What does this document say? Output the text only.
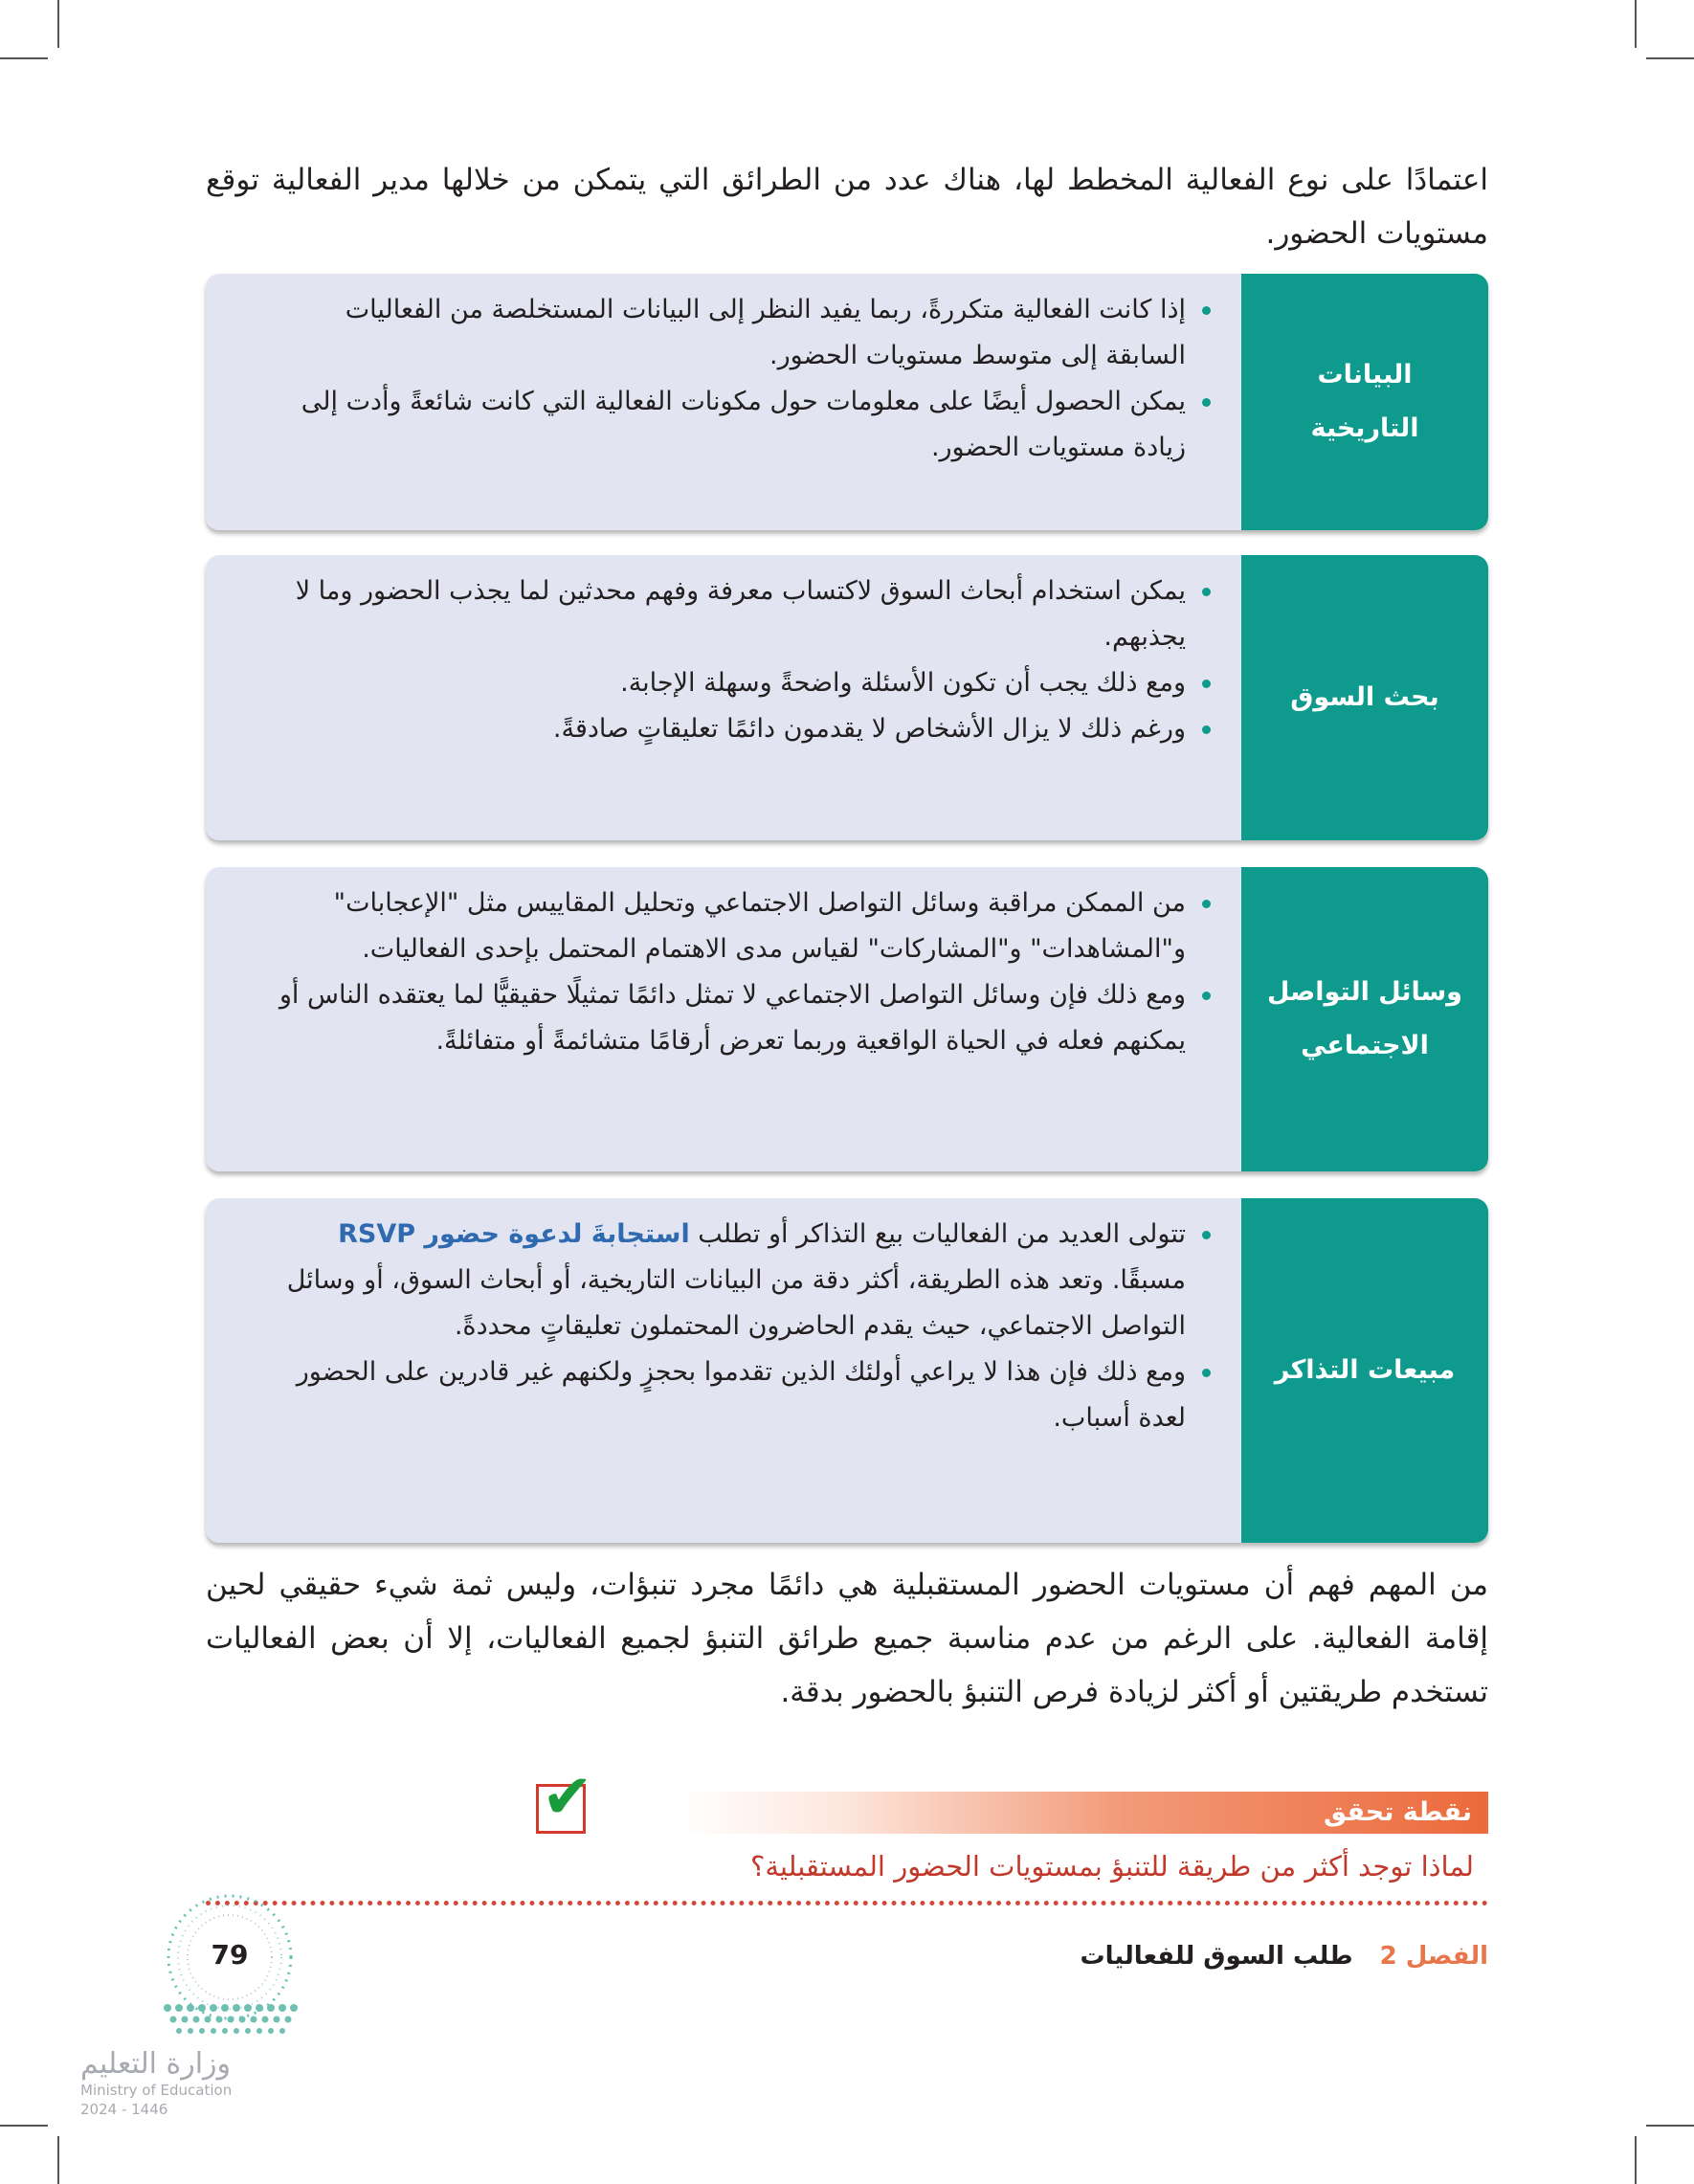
اعتمادًا على نوع الفعالية المخطط لها، هناك عدد من الطرائق التي يتمكن من خلالها مدير الفعالية توقع مستويات الحضور.

البيانات التاريخية
إذا كانت الفعالية متكررةً، ربما يفيد النظر إلى البيانات المستخلصة من الفعاليات السابقة إلى متوسط مستويات الحضور.
يمكن الحصول أيضًا على معلومات حول مكونات الفعالية التي كانت شائعةً وأدت إلى زيادة مستويات الحضور.
بحث السوق
يمكن استخدام أبحاث السوق لاكتساب معرفة وفهم محدثين لما يجذب الحضور وما لا يجذبهم.
ومع ذلك يجب أن تكون الأسئلة واضحةً وسهلة الإجابة.
ورغم ذلك لا يزال الأشخاص لا يقدمون دائمًا تعليقاتٍ صادقةً.
وسائل التواصل الاجتماعي
من الممكن مراقبة وسائل التواصل الاجتماعي وتحليل المقاييس مثل "الإعجابات" و"المشاهدات" و"المشاركات" لقياس مدى الاهتمام المحتمل بإحدى الفعاليات.
ومع ذلك فإن وسائل التواصل الاجتماعي لا تمثل دائمًا تمثيلًا حقيقيًّا لما يعتقده الناس أو يمكنهم فعله في الحياة الواقعية وربما تعرض أرقامًا متشائمةً أو متفائلةً.
مبيعات التذاكر
تتولى العديد من الفعاليات بيع التذاكر أو تطلب استجابةَ لدعوة حضور RSVP مسبقًا. وتعد هذه الطريقة، أكثر دقة من البيانات التاريخية، أو أبحاث السوق، أو وسائل التواصل الاجتماعي، حيث يقدم الحاضرون المحتملون تعليقاتٍ محددةً.
ومع ذلك فإن هذا لا يراعي أولئك الذين تقدموا بحجزٍ ولكنهم غير قادرين على الحضور لعدة أسباب.

من المهم فهم أن مستويات الحضور المستقبلية هي دائمًا مجرد تنبؤات، وليس ثمة شيء حقيقي لحين إقامة الفعالية. على الرغم من عدم مناسبة جميع طرائق التنبؤ لجميع الفعاليات، إلا أن بعض الفعاليات تستخدم طريقتين أو أكثر لزيادة فرص التنبؤ بالحضور بدقة.

نقطة تحقق
✔
لماذا توجد أكثر من طريقة للتنبؤ بمستويات الحضور المستقبلية؟
الفصل 2طلب السوق للفعاليات
79
وزارة التعليم
Ministry of Education
2024 - 1446
